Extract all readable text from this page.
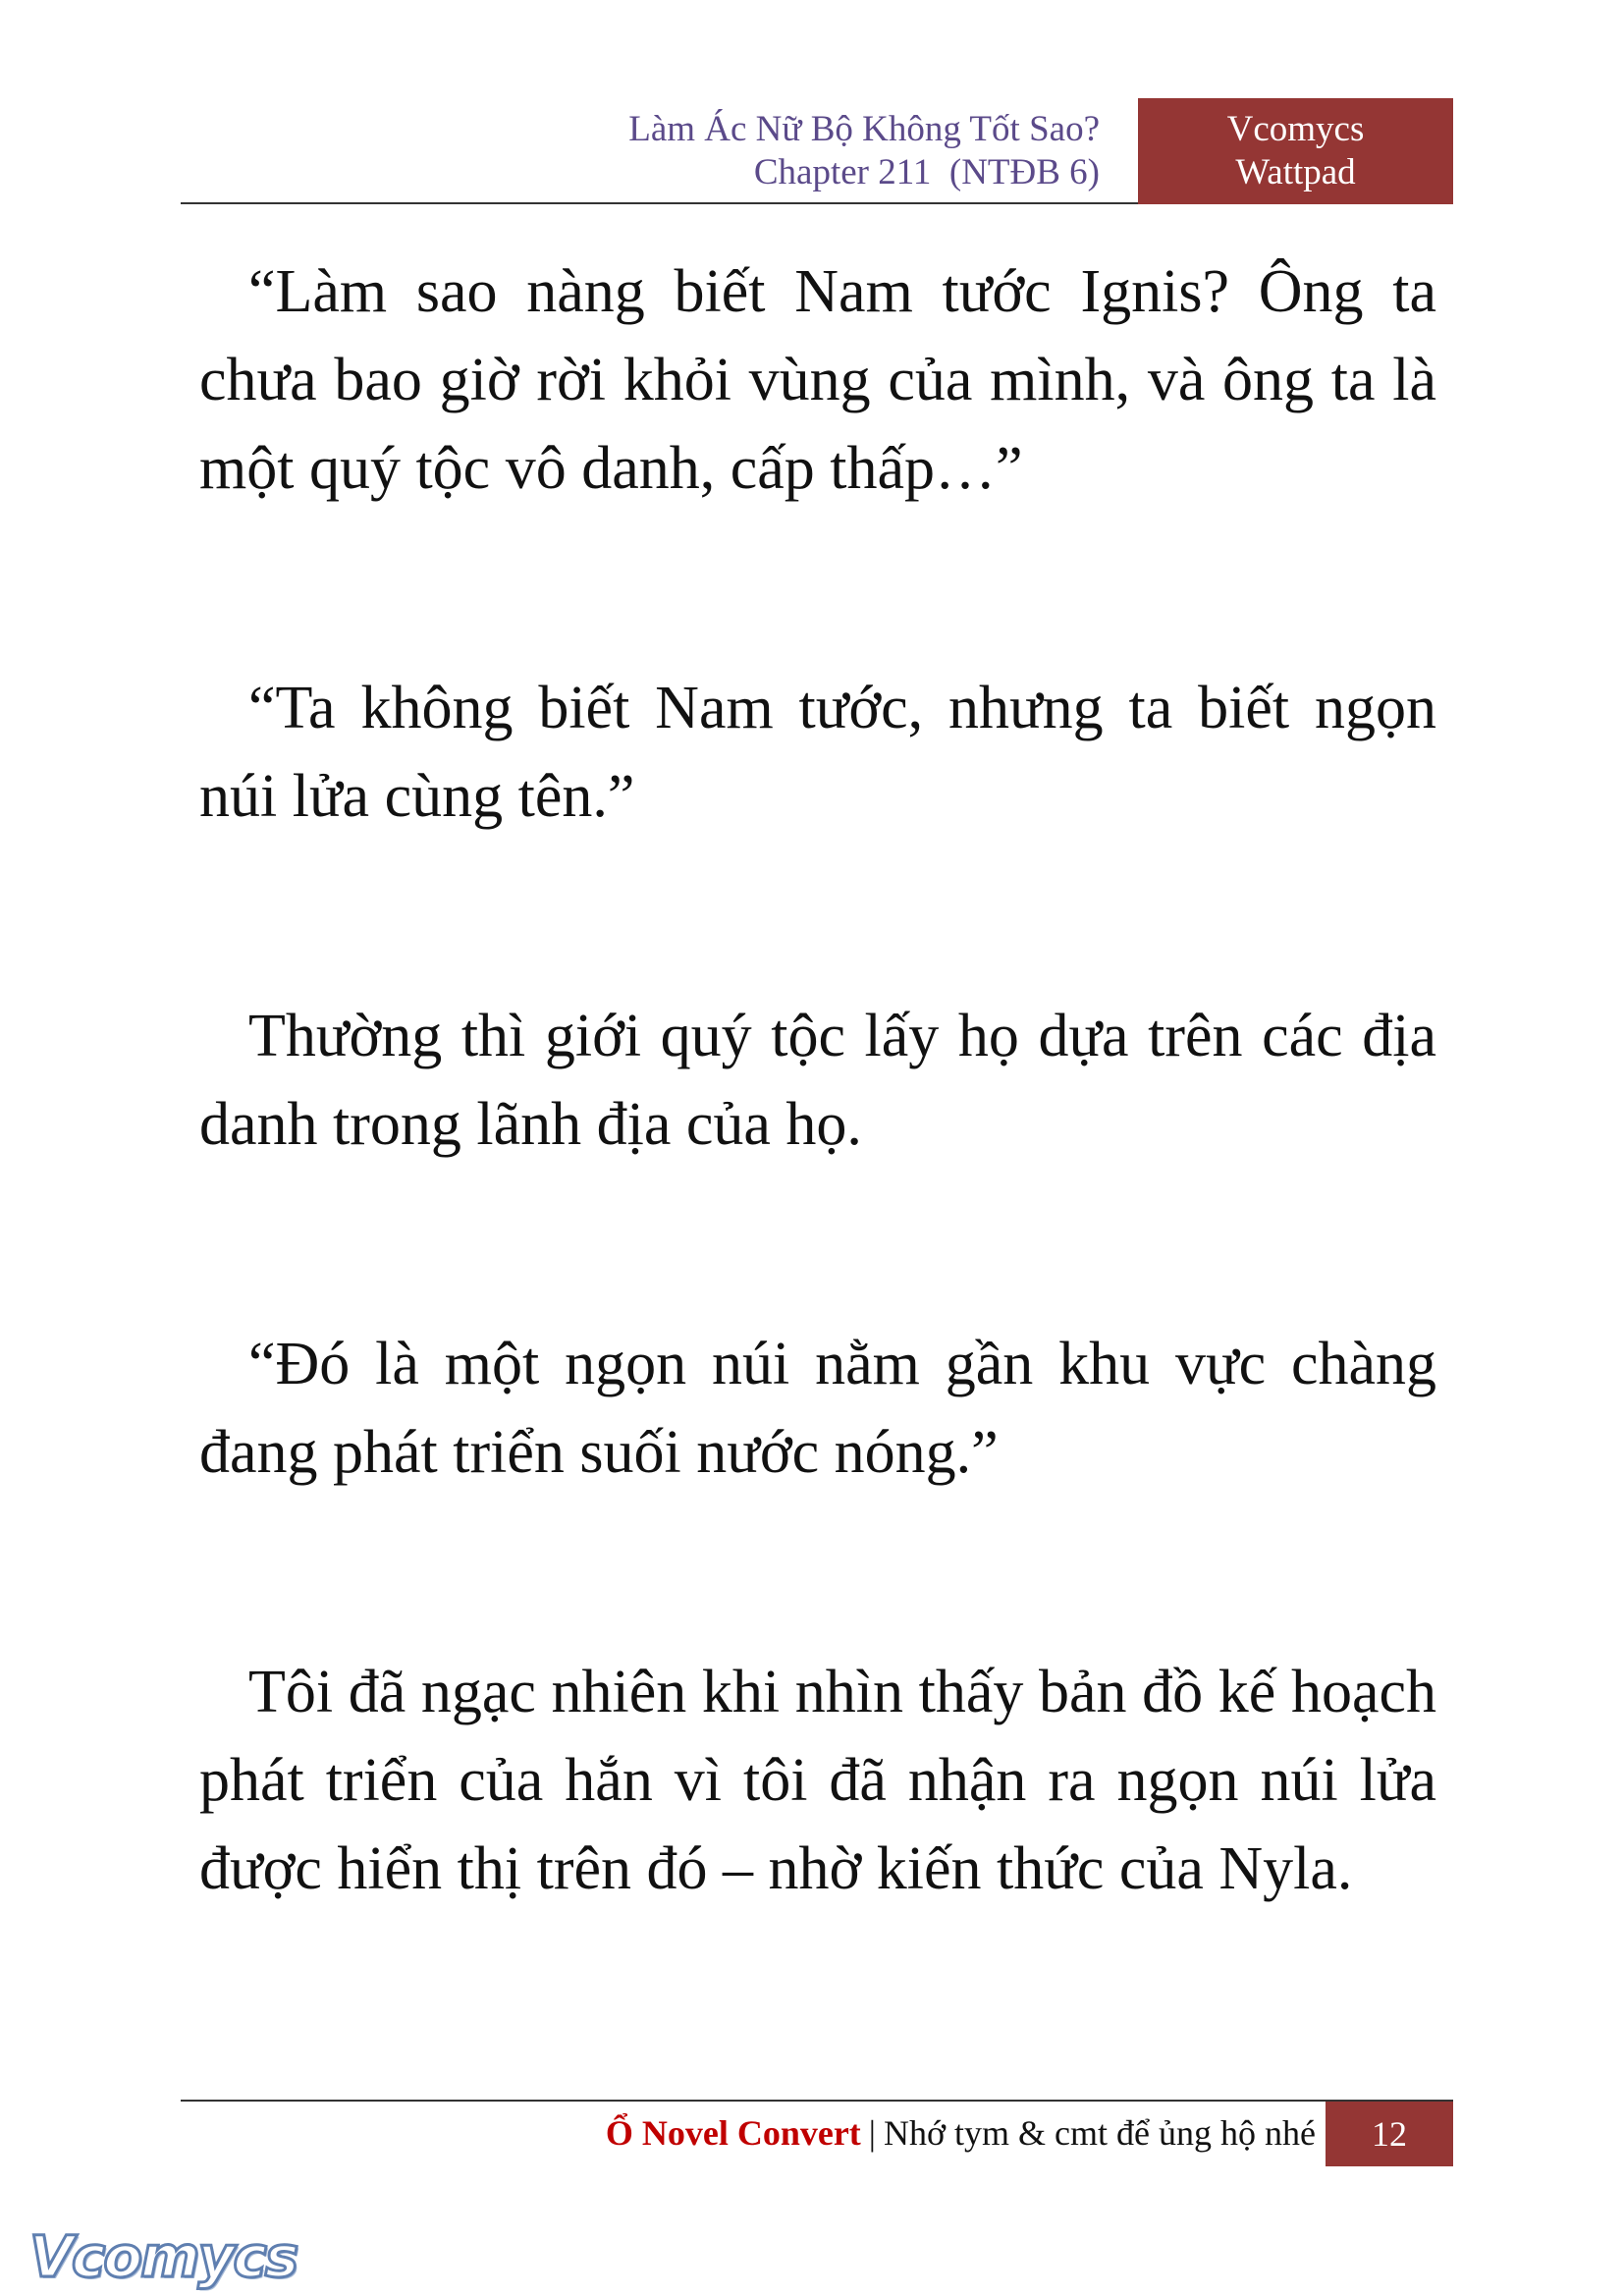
Làm Ác Nữ Bộ Không Tốt Sao?
Chapter 211  (NTĐB 6)
Vcomycs
Wattpad

“Làm sao nàng biết Nam tước Ignis? Ông ta chưa bao giờ rời khỏi vùng của mình, và ông ta là một quý tộc vô danh, cấp thấp…”

“Ta không biết Nam tước, nhưng ta biết ngọn núi lửa cùng tên.”

Thường thì giới quý tộc lấy họ dựa trên các địa danh trong lãnh địa của họ.

“Đó là một ngọn núi nằm gần khu vực chàng đang phát triển suối nước nóng.”

Tôi đã ngạc nhiên khi nhìn thấy bản đồ kế hoạch phát triển của hắn vì tôi đã nhận ra ngọn núi lửa được hiển thị trên đó – nhờ kiến thức của Nyla.

Ổ Novel Convert | Nhớ tym & cmt để ủng hộ nhé	12
Vcomycs
